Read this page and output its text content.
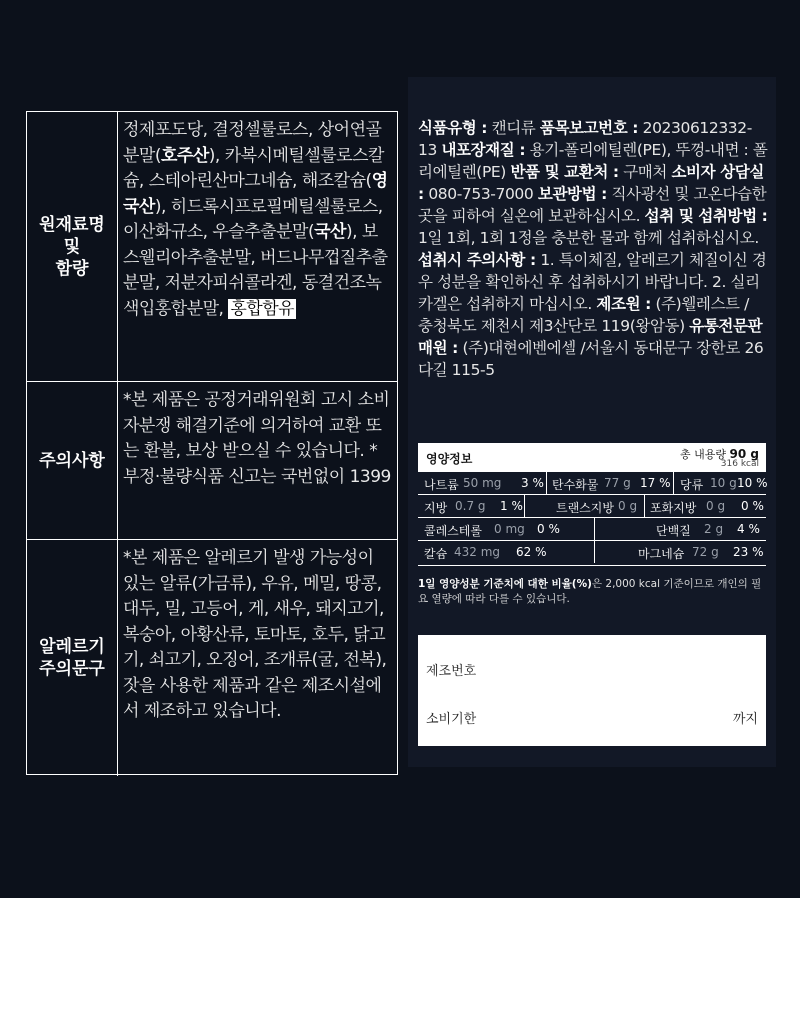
원재료명
및
함량
정제포도당, 결정셀룰로스, 상어연골분말(호주산), 카복시메틸셀룰로스칼슘, 스테아린산마그네슘, 해조칼슘(영국산), 히드록시프로필메틸셀룰로스, 이산화규소, 우슬추출분말(국산), 보스웰리아추출분말, 버드나무껍질추출분말, 저분자피쉬콜라겐, 동결건조녹색입홍합분말, 홍합함유
주의사항
*본 제품은 공정거래위원회 고시 소비자분쟁 해결기준에 의거하여 교환 또는 환불, 보상 받으실 수 있습니다. *부정·불량식품 신고는 국번없이 1399
알레르기
주의문구
*본 제품은 알레르기 발생 가능성이 있는 알류(가금류), 우유, 메밀, 땅콩, 대두, 밀, 고등어, 게, 새우, 돼지고기, 복숭아, 아황산류, 토마토, 호두, 닭고기, 쇠고기, 오징어, 조개류(굴, 전복), 잣을 사용한 제품과 같은 제조시설에서 제조하고 있습니다.
식품유형 : 캔디류 품목보고번호 : 20230612332-13 내포장재질 : 용기-폴리에틸렌(PE), 뚜껑-내면 : 폴리에틸렌(PE) 반품 및 교환처 : 구매처 소비자 상담실 : 080-753-7000 보관방법 : 직사광선 및 고온다습한 곳을 피하여 실온에 보관하십시오. 섭취 및 섭취방법 : 1일 1회, 1회 1정을 충분한 물과 함께 섭취하십시오. 섭취시 주의사항 : 1. 특이체질, 알레르기 체질이신 경우 성분을 확인하신 후 섭취하시기 바랍니다. 2. 실리카겔은 섭취하지 마십시오. 제조원 : (주)웰레스트 / 충청북도 제천시 제3산단로 119(왕암동) 유통전문판매원 : (주)대현에벤에셀 /서울시 동대문구 장한로 26다길 115-5
영양정보	총 내용량 90 g
316 kcal
나트륨 50 mg 3 % 탄수화물 77 g 17 % 당류 10 g 10 %
지방 0.7 g 1 %	트랜스지방 0 g 포화지방 0 g 0 %
콜레스테롤 0 mg 0 %	단백질 2 g 4 %
칼슘 432 mg 62 %	마그네슘 72 g 23 %
1일 영양성분 기준치에 대한 비율(%)은 2,000 kcal 기준이므로 개인의 필요 열량에 따라 다를 수 있습니다.
제조번호
소비기한	까지
